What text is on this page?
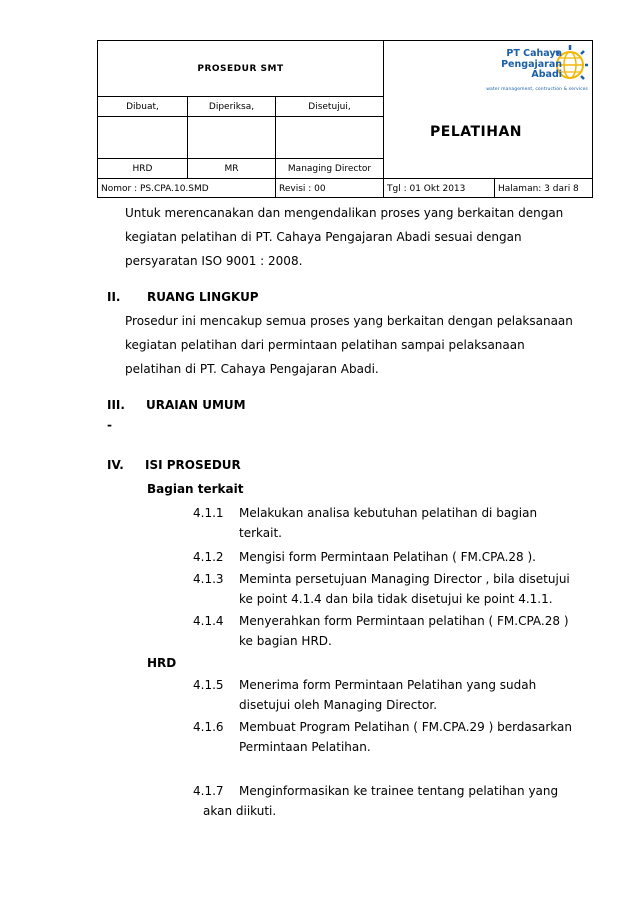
PROSEDUR SMT
PELATIHAN
PT Cahaya
Pengajaran
Abadi
water management, contruction & services
Dibuat,	Diperiksa,	Disetujui,
HRD	MR	Managing Director
Nomor : PS.CPA.10.SMD	Revisi : 00	Tgl : 01 Okt 2013	Halaman: 3 dari 8
Untuk merencanakan dan mengendalikan proses yang berkaitan dengan
kegiatan pelatihan di PT. Cahaya Pengajaran Abadi sesuai dengan
persyaratan ISO 9001 : 2008.
II. RUANG LINGKUP
Prosedur ini mencakup semua proses yang berkaitan dengan pelaksanaan
kegiatan pelatihan dari permintaan pelatihan sampai pelaksanaan
pelatihan di PT. Cahaya Pengajaran Abadi.
III. URAIAN UMUM
-
IV. ISI PROSEDUR
Bagian terkait
4.1.1 Melakukan analisa kebutuhan pelatihan di bagian
terkait.
4.1.2 Mengisi form Permintaan Pelatihan ( FM.CPA.28 ).
4.1.3 Meminta persetujuan Managing Director , bila disetujui
ke point 4.1.4 dan bila tidak disetujui ke point 4.1.1.
4.1.4 Menyerahkan form Permintaan pelatihan ( FM.CPA.28 )
ke bagian HRD.
HRD
4.1.5 Menerima form Permintaan Pelatihan yang sudah
disetujui oleh Managing Director.
4.1.6 Membuat Program Pelatihan ( FM.CPA.29 ) berdasarkan
Permintaan Pelatihan.
4.1.7 Menginformasikan ke trainee tentang pelatihan yang
akan diikuti.
